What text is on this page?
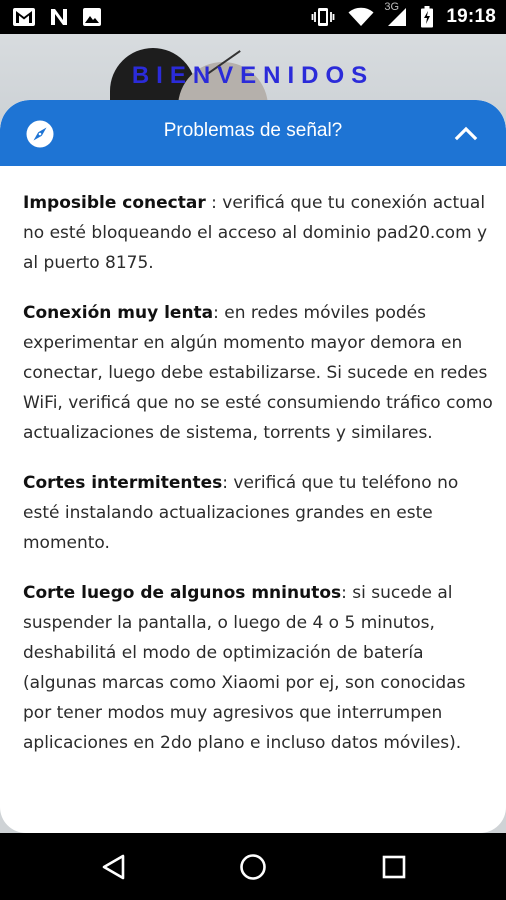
3G 19:18
BIENVENIDOS
Problemas de señal?

Imposible conectar : verificá que tu conexión actual no esté bloqueando el acceso al dominio pad20.com y al puerto 8175.

Conexión muy lenta: en redes móviles podés experimentar en algún momento mayor demora en conectar, luego debe estabilizarse. Si sucede en redes WiFi, verificá que no se esté consumiendo tráfico como actualizaciones de sistema, torrents y similares.

Cortes intermitentes: verificá que tu teléfono no esté instalando actualizaciones grandes en este momento.

Corte luego de algunos mninutos: si sucede al suspender la pantalla, o luego de 4 o 5 minutos, deshabilitá el modo de optimización de batería (algunas marcas como Xiaomi por ej, son conocidas por tener modos muy agresivos que interrumpen aplicaciones en 2do plano e incluso datos móviles).
